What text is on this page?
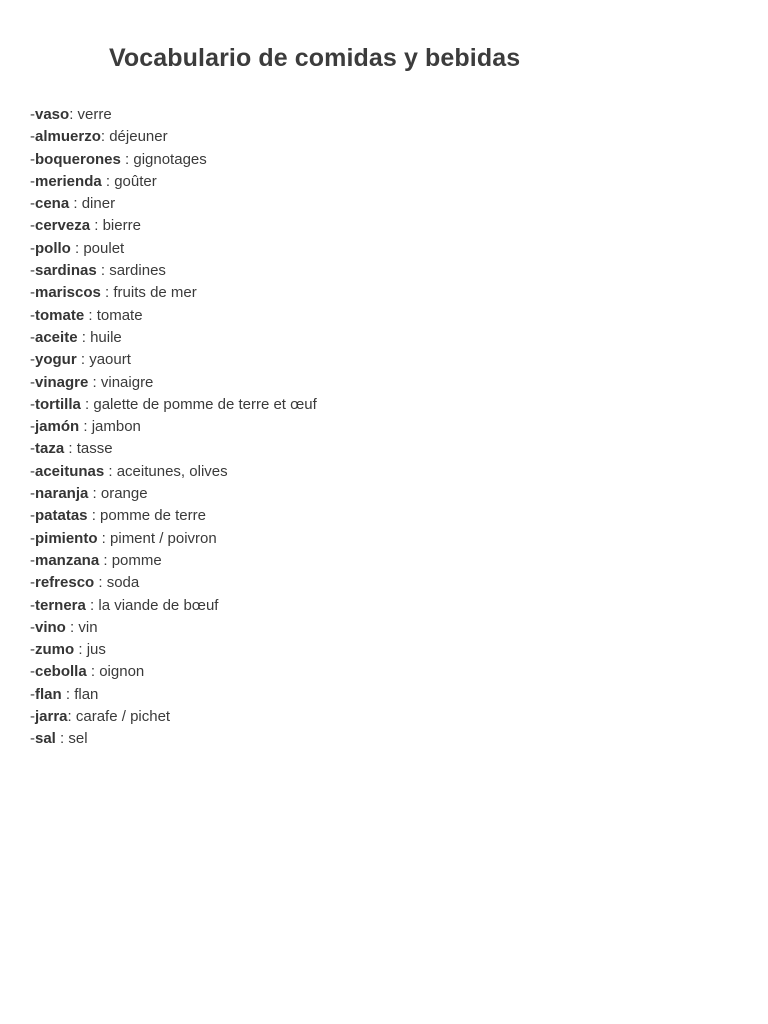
Vocabulario de comidas y bebidas
-vaso: verre
-almuerzo: déjeuner
-boquerones : gignotages
-merienda : goûter
-cena : diner
-cerveza : bierre
-pollo : poulet
-sardinas : sardines
-mariscos : fruits de mer
-tomate : tomate
-aceite : huile
-yogur : yaourt
-vinagre : vinaigre
-tortilla : galette de pomme de terre et œuf
-jamón : jambon
-taza : tasse
-aceitunas : aceitunes, olives
-naranja : orange
-patatas : pomme de terre
-pimiento : piment / poivron
-manzana : pomme
-refresco : soda
-ternera : la viande de bœuf
-vino : vin
-zumo : jus
-cebolla : oignon
-flan : flan
-jarra: carafe / pichet
-sal : sel
